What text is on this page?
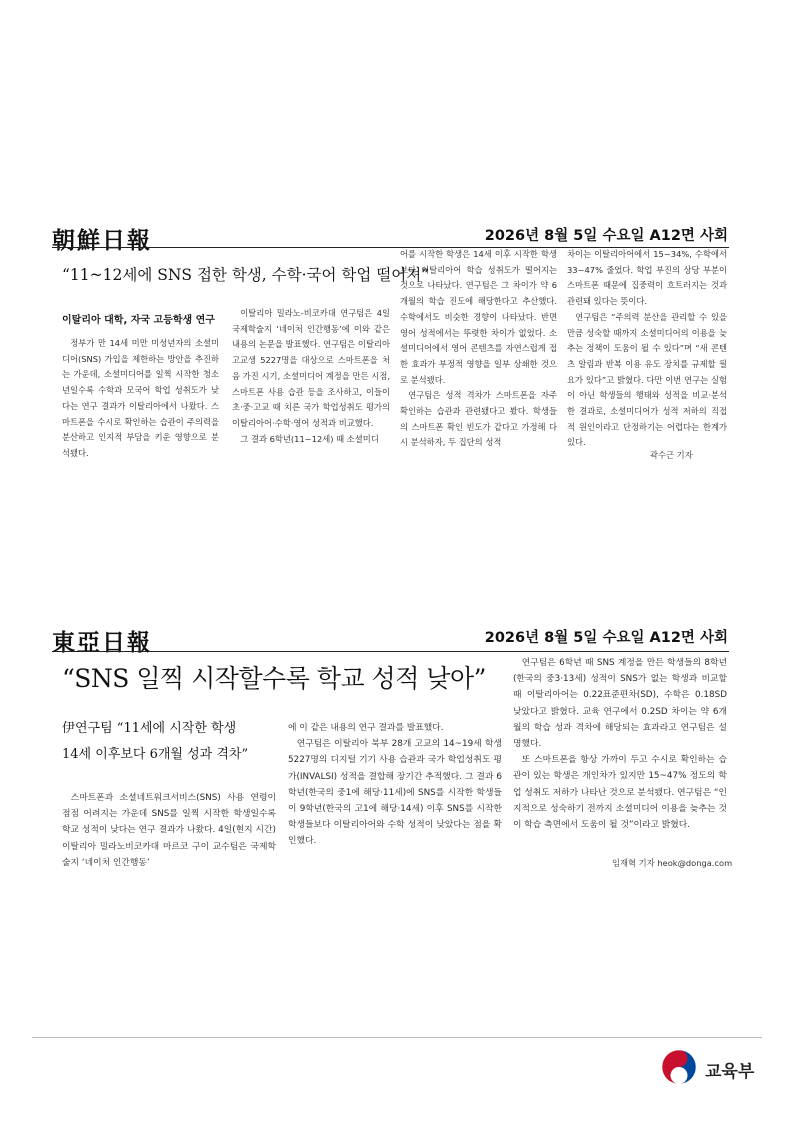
朝鮮日報	2026년 8월 5일 수요일 A12면 사회
“11~12세에 SNS 접한 학생, 수학·국어 학업 떨어져”
이탈리아 대학, 자국 고등학생 연구

정부가 만 14세 미만 미성년자의 소셜미디어(SNS) 가입을 제한하는 방안을 추진하는 가운데, 소셜미디어를 일찍 시작한 청소년일수록 수학과 모국어 학업 성취도가 낮다는 연구 결과가 이탈리아에서 나왔다. 스마트폰을 수시로 확인하는 습관이 주의력을 분산하고 인지적 부담을 키운 영향으로 분석됐다.

이탈리아 밀라노-비코카대 연구팀은 4일 국제학술지 ‘네이처 인간행동’에 이와 같은 내용의 논문을 발표했다. 연구팀은 이탈리아 고교생 5227명을 대상으로 스마트폰을 처음 가진 시기, 소셜미디어 계정을 만든 시점, 스마트폰 사용 습관 등을 조사하고, 이들이 초·중·고교 때 치른 국가 학업성취도 평가의 이탈리아어·수학·영어 성적과 비교했다.

그 결과 6학년(11~12세) 때 소셜미디

어를 시작한 학생은 14세 이후 시작한 학생보다 이탈리아어 학습 성취도가 떨어지는 것으로 나타났다. 연구팀은 그 차이가 약 6개월의 학습 진도에 해당한다고 추산했다. 수학에서도 비슷한 경향이 나타났다. 반면 영어 성적에서는 뚜렷한 차이가 없었다. 소셜미디어에서 영어 콘텐츠를 자연스럽게 접한 효과가 부정적 영향을 일부 상쇄한 것으로 분석됐다.

연구팀은 성적 격차가 스마트폰을 자주 확인하는 습관과 관련됐다고 봤다. 학생들의 스마트폰 확인 빈도가 같다고 가정해 다시 분석하자, 두 집단의 성적

차이는 이탈리아어에서 15~34%, 수학에서 33~47% 줄었다. 학업 부진의 상당 부분이 스마트폰 때문에 집중력이 흐트러지는 것과 관련돼 있다는 뜻이다.

연구팀은 “주의력 분산을 관리할 수 있을 만큼 성숙할 때까지 소셜미디어의 이용을 늦추는 정책이 도움이 될 수 있다”며 “새 콘텐츠 알림과 반복 이용 유도 장치를 규제할 필요가 있다”고 밝혔다. 다만 이번 연구는 실험이 아닌 학생들의 행태와 성적을 비교·분석한 결과로, 소셜미디어가 성적 저하의 직접적 원인이라고 단정하기는 어렵다는 한계가 있다.

곽수근 기자
東亞日報	2026년 8월 5일 수요일 A12면 사회
“SNS 일찍 시작할수록 학교 성적 낮아”
伊연구팀 “11세에 시작한 학생
14세 이후보다 6개월 성과 격차”

스마트폰과 소셜네트워크서비스(SNS) 사용 연령이 점점 어려지는 가운데 SNS를 일찍 시작한 학생일수록 학교 성적이 낮다는 연구 결과가 나왔다. 4일(현지 시간) 이탈리아 밀라노비코카대 마르코 구이 교수팀은 국제학술지 ‘네이처 인간행동’

에 이 같은 내용의 연구 결과를 발표했다.

연구팀은 이탈리아 북부 28개 고교의 14~19세 학생 5227명의 디지털 기기 사용 습관과 국가 학업성취도 평가(INVALSI) 성적을 결합해 장기간 추적했다. 그 결과 6학년(한국의 중1에 해당·11세)에 SNS를 시작한 학생들이 9학년(한국의 고1에 해당·14세) 이후 SNS를 시작한 학생들보다 이탈리아어와 수학 성적이 낮았다는 점을 확인했다.

연구팀은 6학년 때 SNS 계정을 만든 학생들의 8학년(한국의 중3·13세) 성적이 SNS가 없는 학생과 비교할 때 이탈리아어는 0.22표준편차(SD), 수학은 0.18SD 낮았다고 밝혔다. 교육 연구에서 0.2SD 차이는 약 6개월의 학습 성과 격차에 해당되는 효과라고 연구팀은 설명했다.

또 스마트폰을 항상 가까이 두고 수시로 확인하는 습관이 있는 학생은 개인차가 있지만 15~47% 정도의 학업 성취도 저하가 나타난 것으로 분석됐다. 연구팀은 “인지적으로 성숙하기 전까지 소셜미디어 이용을 늦추는 것이 학습 측면에서 도움이 될 것”이라고 밝혔다.

임재혁 기자 heok@donga.com
교육부
